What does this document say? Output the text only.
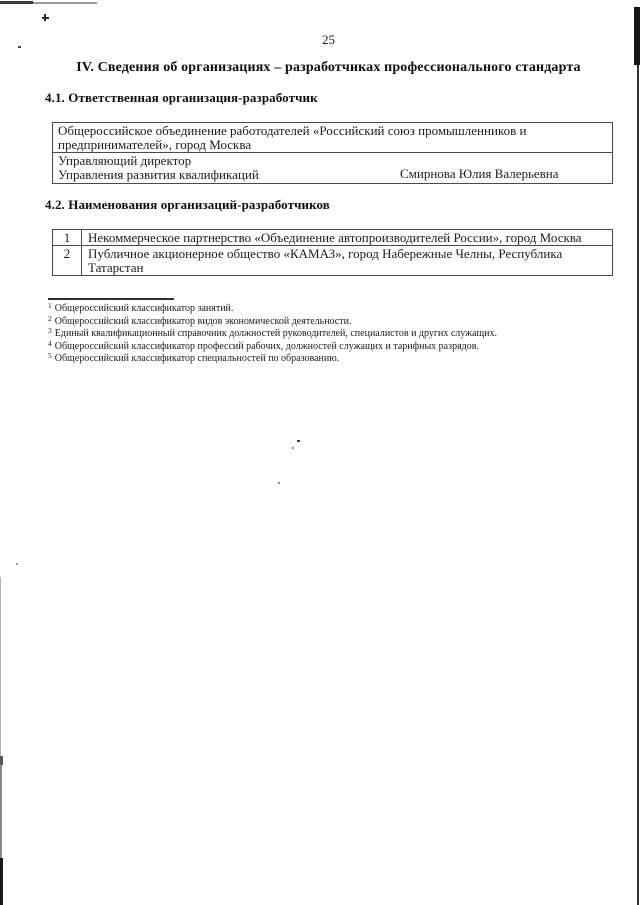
25
IV. Сведения об организациях – разработчиках профессионального стандарта
4.1. Ответственная организация-разработчик
Общероссийское объединение работодателей «Российский союз промышленников и
предпринимателей», город Москва
Управляющий директор
Управления развития квалификаций	Смирнова Юлия Валерьевна
4.2. Наименования организаций-разработчиков
1	Некоммерческое партнерство «Объединение автопроизводителей России», город Москва
2	Публичное акционерное общество «КАМАЗ», город Набережные Челны, Республика
Татарстан
$^1$ Общероссийский классификатор занятий.
$^2$ Общероссийский классификатор видов экономической деятельности.
$^3$ Единый квалификационный справочник должностей руководителей, специалистов и других служащих.
$^4$ Общероссийский классификатор профессий рабочих, должностей служащих и тарифных разрядов.
$^5$ Общероссийский классификатор специальностей по образованию.
